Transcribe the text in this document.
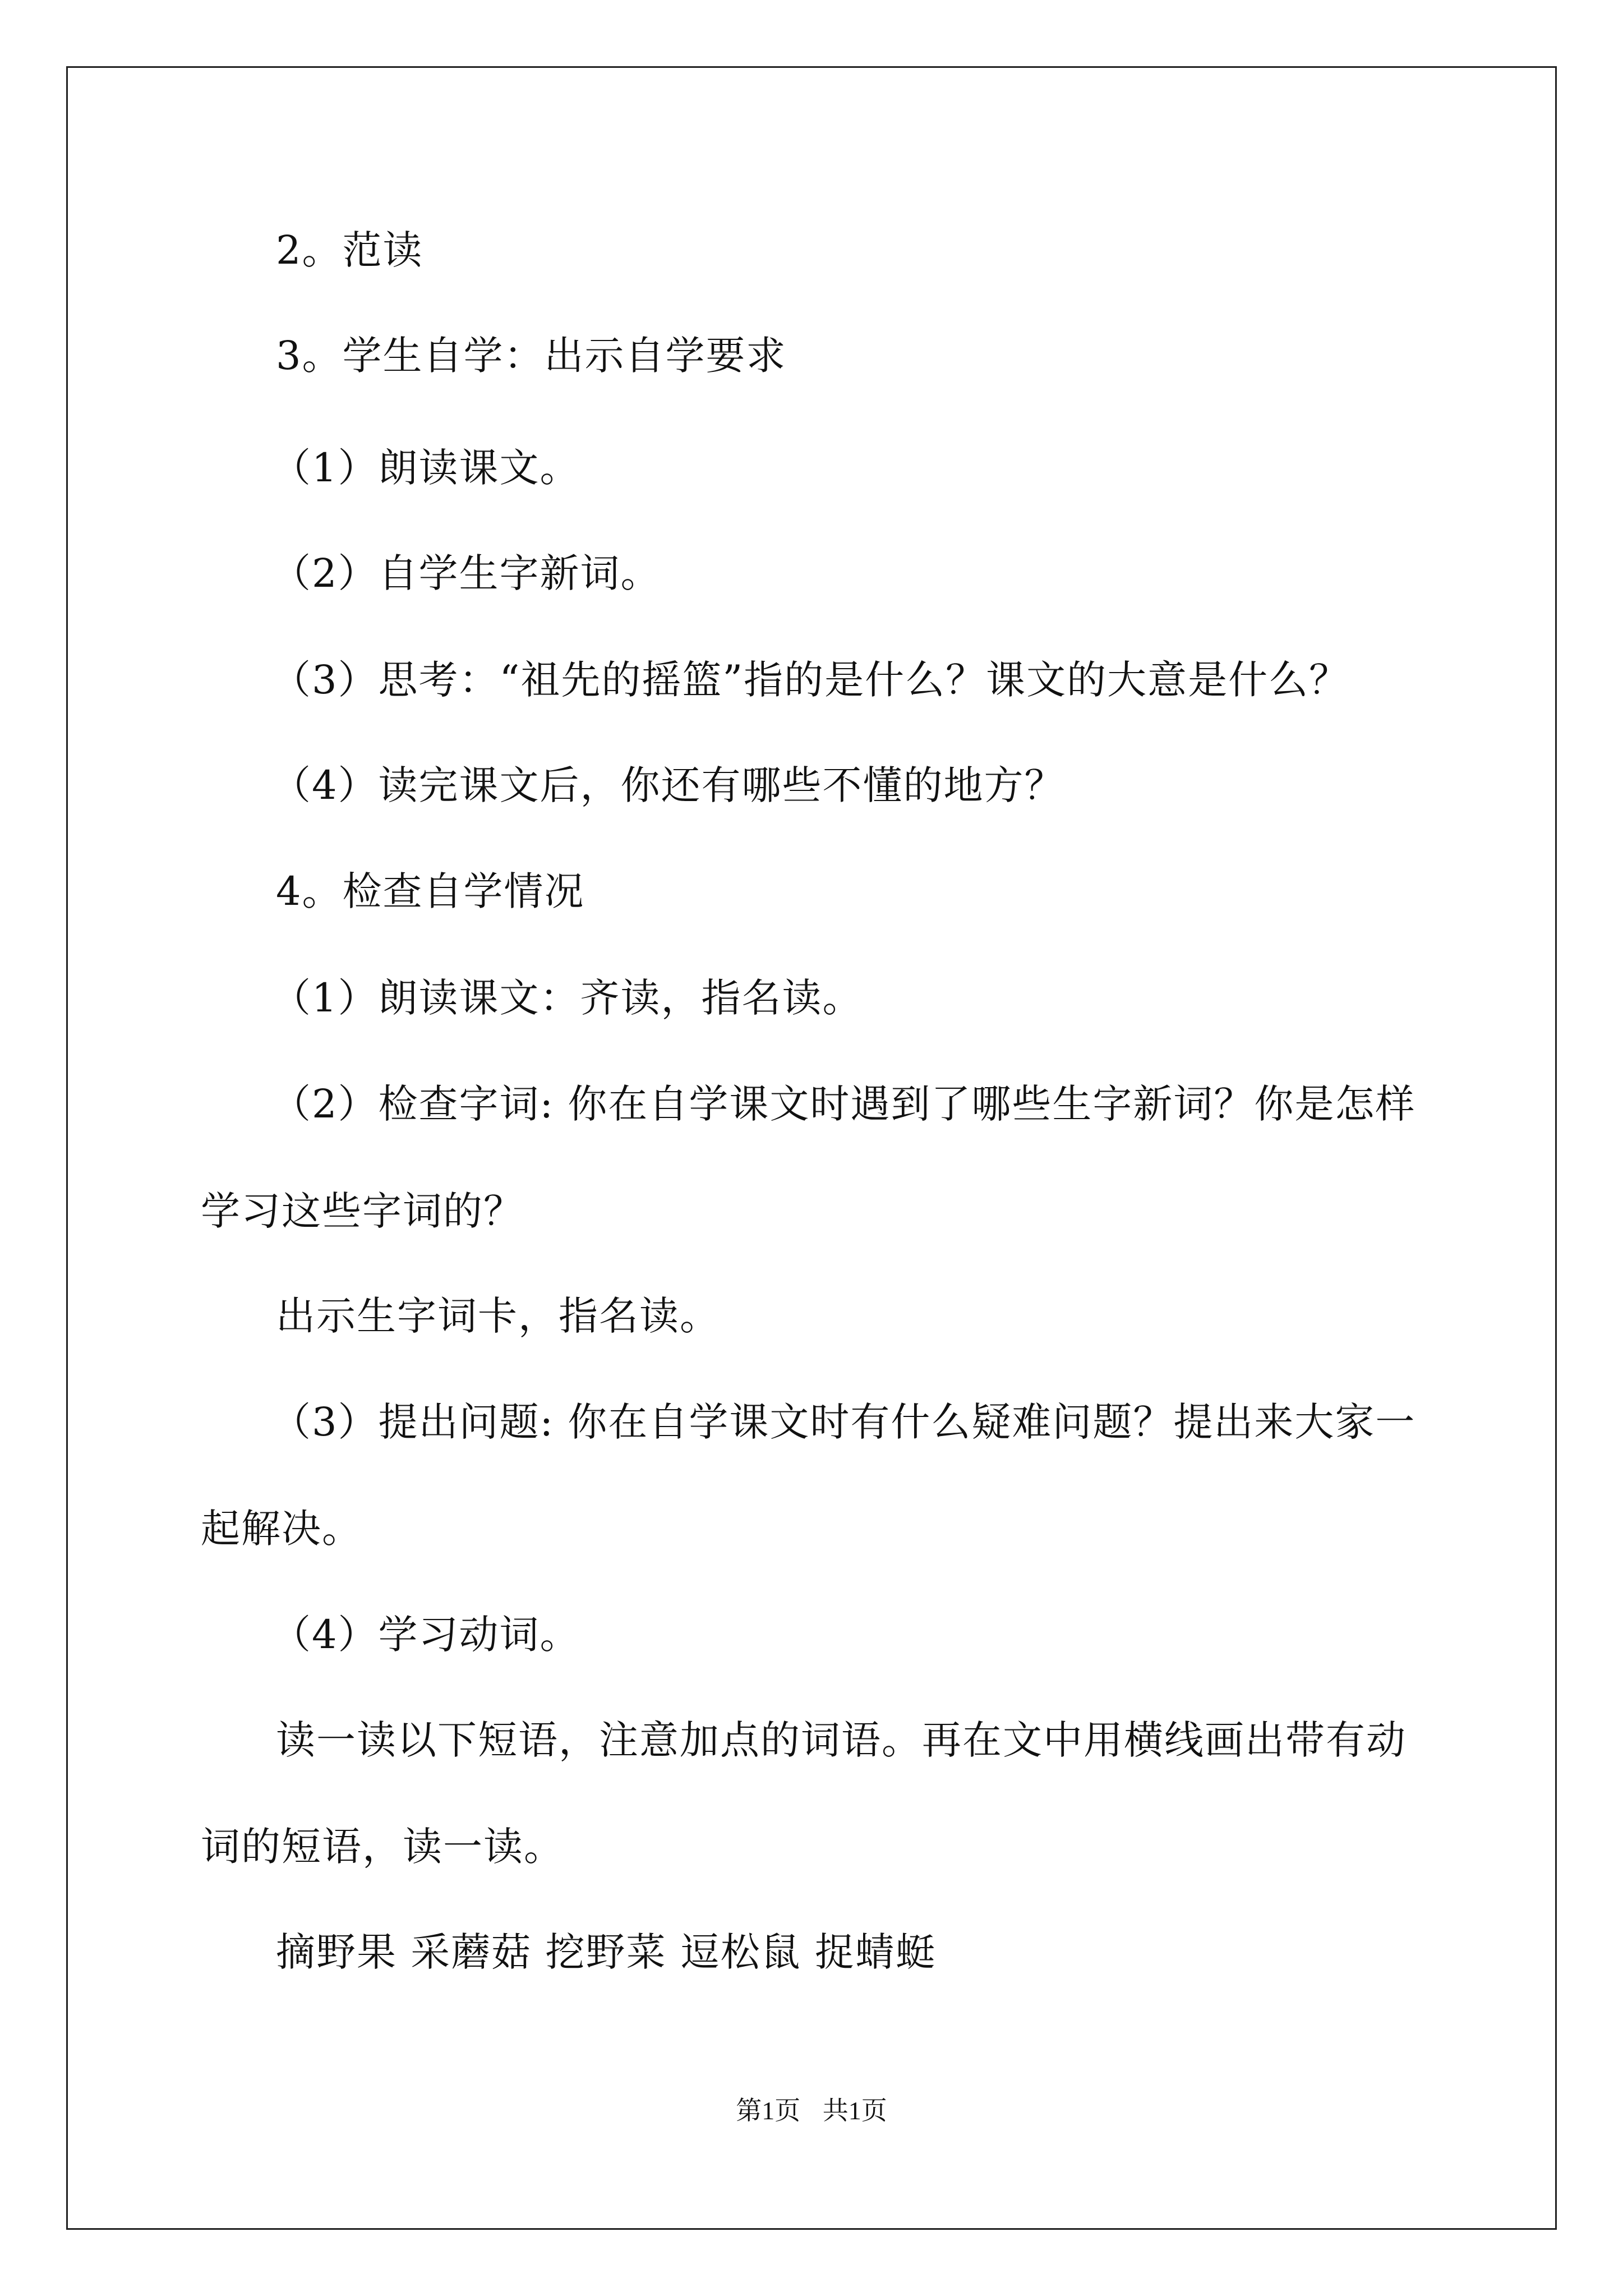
2。范读

3。学生自学：出示自学要求

（1）朗读课文。

（2）自学生字新词。

（3）思考：“祖先的摇篮”指的是什么？课文的大意是什么？

（4）读完课文后，你还有哪些不懂的地方？

4。检查自学情况

（1）朗读课文：齐读，指名读。

（2）检查字词: 你在自学课文时遇到了哪些生字新词？你是怎样

学习这些字词的？

出示生字词卡，指名读。

（3）提出问题: 你在自学课文时有什么疑难问题？提出来大家一

起解决。

（4）学习动词。

读一读以下短语，注意加点的词语。再在文中用横线画出带有动

词的短语，读一读。

摘野果 采蘑菇 挖野菜 逗松鼠 捉蜻蜓

第1页 共1页
